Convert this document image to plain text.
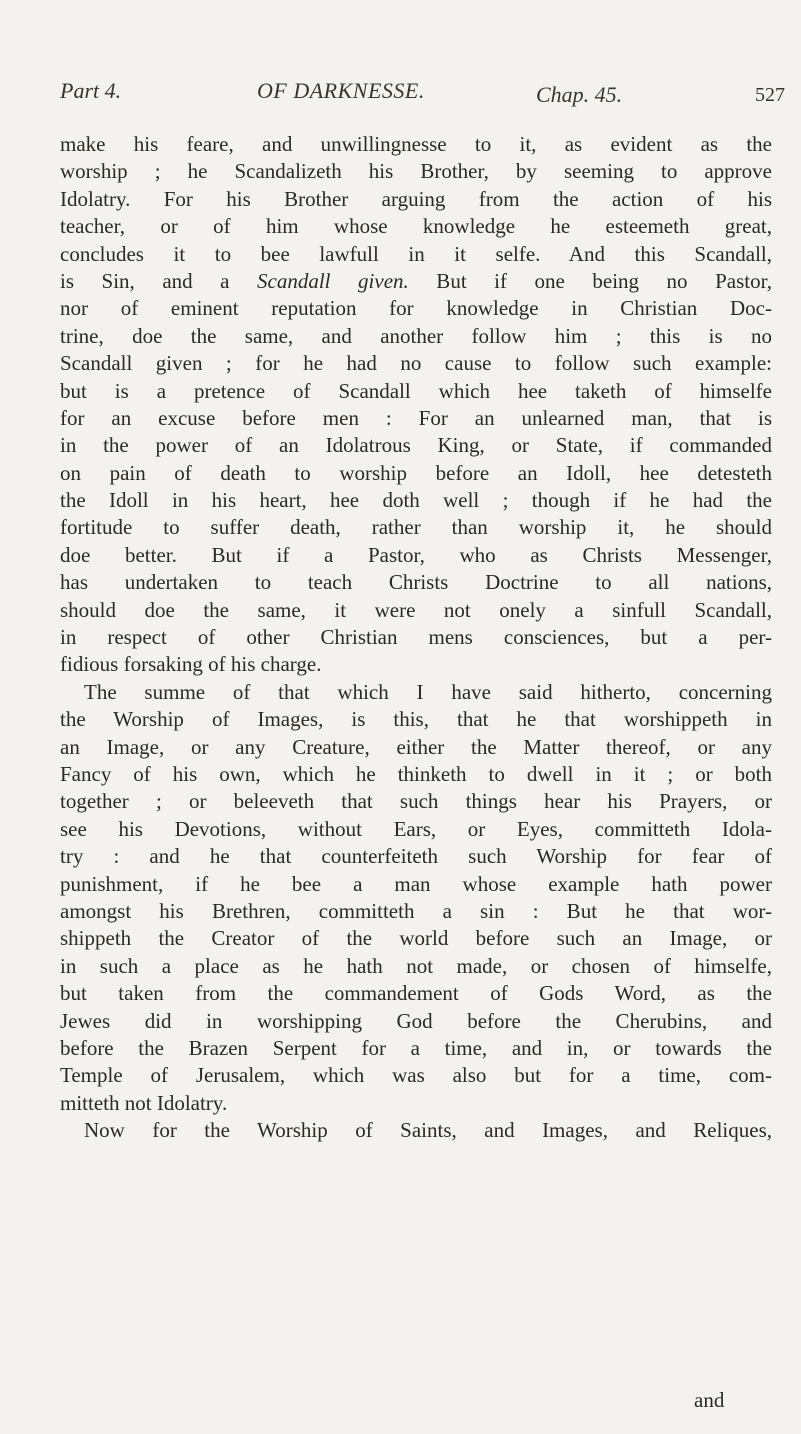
Part 4.	OF DARKNESSE.	Chap. 45.	527
make his feare, and unwillingnesse to it, as evident as the
worship ; he Scandalizeth his Brother, by seeming to approve
Idolatry. For his Brother arguing from the action of his
teacher, or of him whose knowledge he esteemeth great,
concludes it to bee lawfull in it selfe. And this Scandall,
is Sin, and a Scandall given. But if one being no Pastor,
nor of eminent reputation for knowledge in Christian Doc-
trine, doe the same, and another follow him ; this is no
Scandall given ; for he had no cause to follow such example:
but is a pretence of Scandall which hee taketh of himselfe
for an excuse before men : For an unlearned man, that is
in the power of an Idolatrous King, or State, if commanded
on pain of death to worship before an Idoll, hee detesteth
the Idoll in his heart, hee doth well ; though if he had the
fortitude to suffer death, rather than worship it, he should
doe better. But if a Pastor, who as Christs Messenger,
has undertaken to teach Christs Doctrine to all nations,
should doe the same, it were not onely a sinfull Scandall,
in respect of other Christian mens consciences, but a per-
fidious forsaking of his charge.
The summe of that which I have said hitherto, concerning
the Worship of Images, is this, that he that worshippeth in
an Image, or any Creature, either the Matter thereof, or any
Fancy of his own, which he thinketh to dwell in it ; or both
together ; or beleeveth that such things hear his Prayers, or
see his Devotions, without Ears, or Eyes, committeth Idola-
try : and he that counterfeiteth such Worship for fear of
punishment, if he bee a man whose example hath power
amongst his Brethren, committeth a sin : But he that wor-
shippeth the Creator of the world before such an Image, or
in such a place as he hath not made, or chosen of himselfe,
but taken from the commandement of Gods Word, as the
Jewes did in worshipping God before the Cherubins, and
before the Brazen Serpent for a time, and in, or towards the
Temple of Jerusalem, which was also but for a time, com-
mitteth not Idolatry.
Now for the Worship of Saints, and Images, and Reliques,
and
